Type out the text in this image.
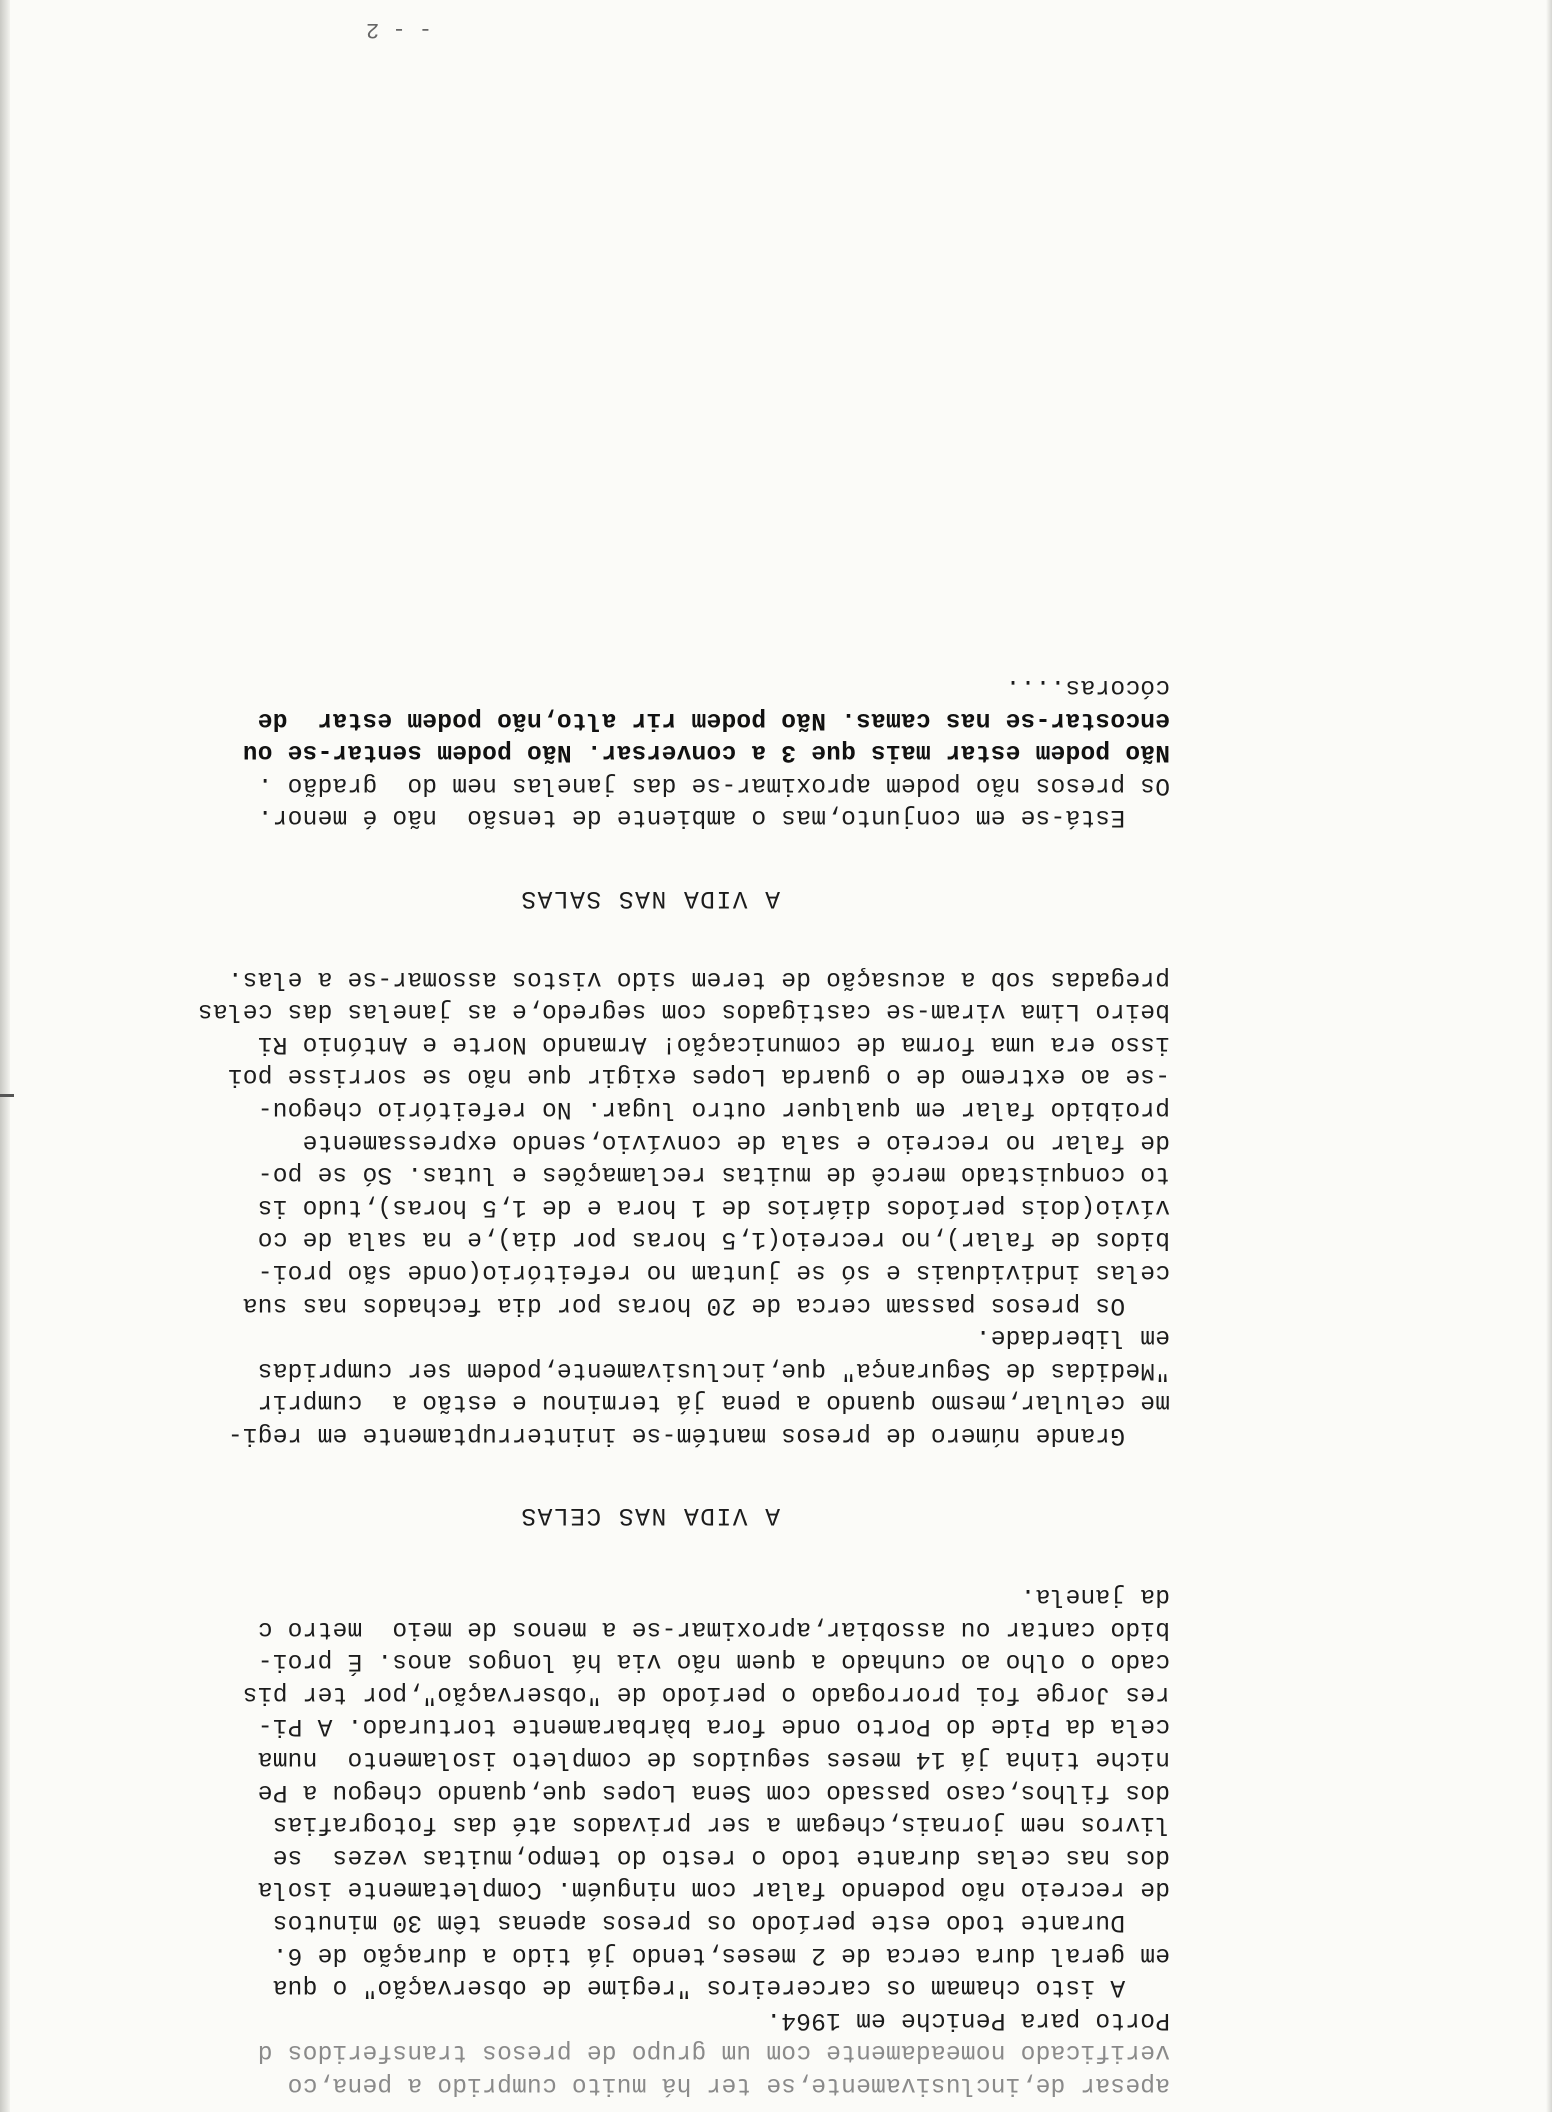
apesar de,inclusivamente,se ter há muito cumprido a pena,co
verificado nomeadamente com um grupo de presos transferidos d
Porto para Peniche em 1964.
A isto chamam os carcereiros "regime de observação" o qua
em geral dura cerca de 2 meses,tendo já tido a duração de 6.
Durante todo este período os presos apenas têm 30 minutos
de recreio não podendo falar com ninguém. Completamente isola
dos nas celas durante todo o resto do tempo,muitas vezes  se
livros nem jornais,chegam a ser privados até das fotografias
dos filhos,caso passado com Sena Lopes que,quando chegou a Pe
niche tinha já 14 meses seguidos de completo isolamento  numa
cela da Pide do Porto onde fora bàrbaramente torturado. A Pi-
res Jorge foi prorrogado o período de "observação",por ter pis
cado o olho ao cunhado a quem não via há longos anos. É proi-
bido cantar ou assobiar,aproximar-se a menos de meio  metro c
da janela.
A VIDA NAS CELAS
Grande número de presos mantém-se ininterruptamente em regi-
me celular,mesmo quando a pena já terminou e estão a  cumprir
"Medidas de Segurança" que,inclusivamente,podem ser cumpridas
em liberdade.
Os presos passam cerca de 20 horas por dia fechados nas sua
celas individuais e só se juntam no refeitório(onde são proi-
bidos de falar),no recreio(1,5 horas por dia),e na sala de co
vívio(dois períodos diários de 1 hora e de 1,5 horas),tudo is
to conquistado mercê de muitas reclamações e lutas. Só se po-
de falar no recreio e sala de convívio,sendo expressamente
proibido falar em qualquer outro lugar. No refeitório chegou-
-se ao extremo de o guarda Lopes exigir que não se sorrisse poi
isso era uma forma de comunicação! Armando Norte e António Ri
beiro Lima viram-se castigados com segredo,e as janelas das celas
pregadas sob a acusação de terem sido vistos assomar-se a elas.
A VIDA NAS SALAS
Está-se em conjunto,mas o ambiente de tensão  não é menor.
Os presos não podem aproximar-se das janelas nem do  gradão .
Não podem estar mais que 3 a conversar. Não podem sentar-se ou
encostar-se nas camas. Não podem rir alto,não podem estar  de
cócoras....
- - 2
